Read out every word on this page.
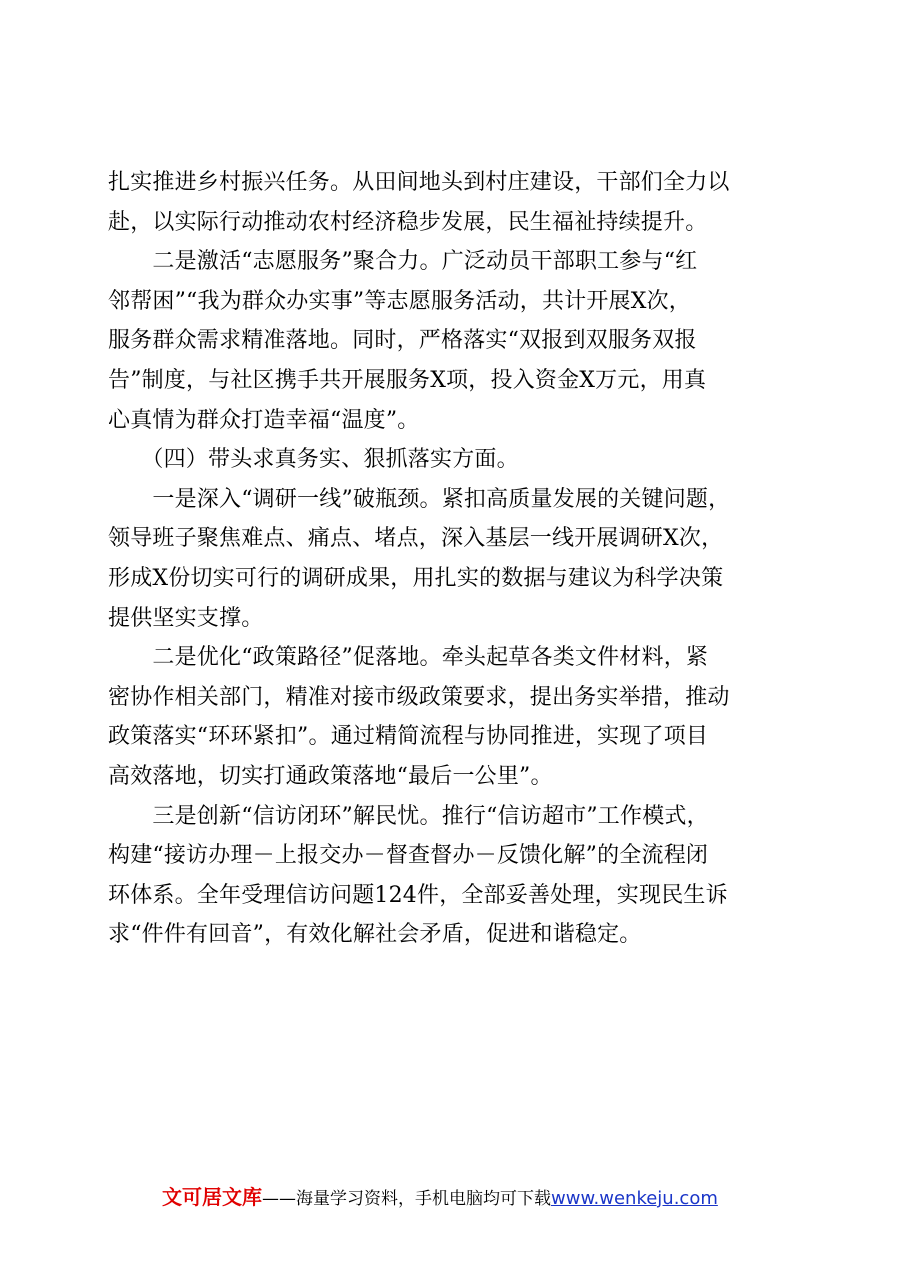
扎实推进乡村振兴任务。从田间地头到村庄建设，干部们全力以
赴，以实际行动推动农村经济稳步发展，民生福祉持续提升。
　　二是激活“志愿服务”聚合力。广泛动员干部职工参与“红
邻帮困”“我为群众办实事”等志愿服务活动，共计开展X次，
服务群众需求精准落地。同时，严格落实“双报到双服务双报
告”制度，与社区携手共开展服务X项，投入资金X万元，用真
心真情为群众打造幸福“温度”。
　　（四）带头求真务实、狠抓落实方面。
　　一是深入“调研一线”破瓶颈。紧扣高质量发展的关键问题，
领导班子聚焦难点、痛点、堵点，深入基层一线开展调研X次，
形成X份切实可行的调研成果，用扎实的数据与建议为科学决策
提供坚实支撑。
　　二是优化“政策路径”促落地。牵头起草各类文件材料，紧
密协作相关部门，精准对接市级政策要求，提出务实举措，推动
政策落实“环环紧扣”。通过精简流程与协同推进，实现了项目
高效落地，切实打通政策落地“最后一公里”。
　　三是创新“信访闭环”解民忧。推行“信访超市”工作模式，
构建“接访办理－上报交办－督查督办－反馈化解”的全流程闭
环体系。全年受理信访问题124件，全部妥善处理，实现民生诉
求“件件有回音”，有效化解社会矛盾，促进和谐稳定。
文可居文库——海量学习资料，手机电脑均可下载www.wenkeju.com
